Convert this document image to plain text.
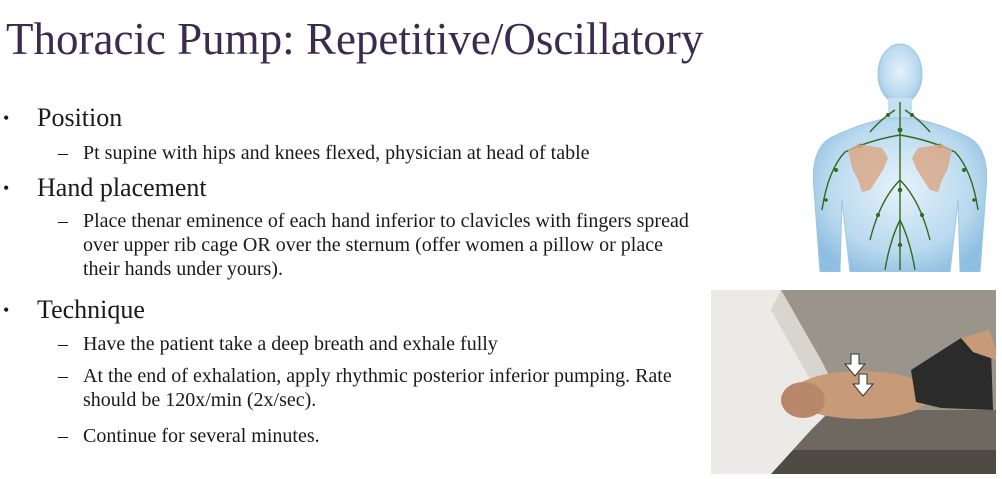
Thoracic Pump: Repetitive/Oscillatory
• Position
– Pt supine with hips and knees flexed, physician at head of table
• Hand placement
– Place thenar eminence of each hand inferior to clavicles with fingers spread over upper rib cage OR over the sternum (offer women a pillow or place their hands under yours).
• Technique
– Have the patient take a deep breath and exhale fully
– At the end of exhalation, apply rhythmic posterior inferior pumping. Rate should be 120x/min (2x/sec).
– Continue for several minutes.
